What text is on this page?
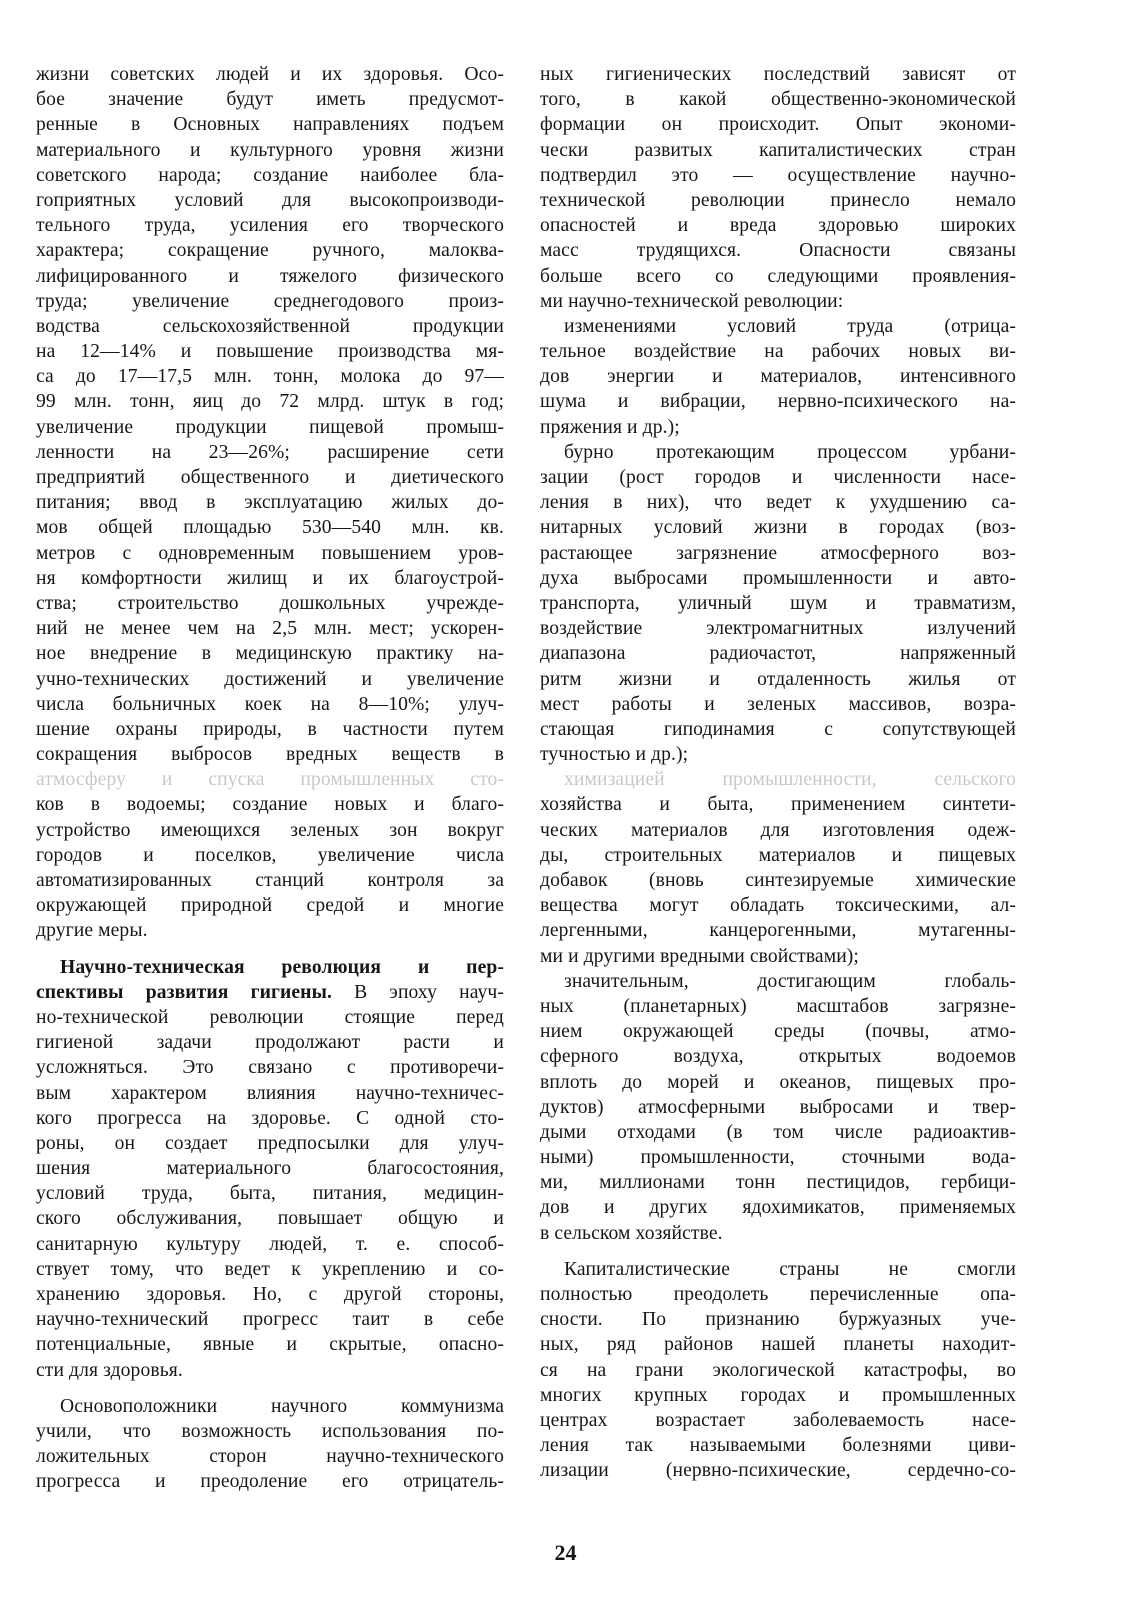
жизни советских людей и их здоровья. Осо-
бое значение будут иметь предусмот-
ренные в Основных направлениях подъем
материального и культурного уровня жизни
советского народа; создание наиболее бла-
гоприятных условий для высокопроизводи-
тельного труда, усиления его творческого
характера; сокращение ручного, малоква-
лифицированного и тяжелого физического
труда; увеличение среднегодового произ-
водства сельскохозяйственной продукции
на 12—14% и повышение производства мя-
са до 17—17,5 млн. тонн, молока до 97—
99 млн. тонн, яиц до 72 млрд. штук в год;
увеличение продукции пищевой промыш-
ленности на 23—26%; расширение сети
предприятий общественного и диетического
питания; ввод в эксплуатацию жилых до-
мов общей площадью 530—540 млн. кв.
метров с одновременным повышением уров-
ня комфортности жилищ и их благоустрой-
ства; строительство дошкольных учрежде-
ний не менее чем на 2,5 млн. мест; ускорен-
ное внедрение в медицинскую практику на-
учно-технических достижений и увеличение
числа больничных коек на 8—10%; улуч-
шение охраны природы, в частности путем
сокращения выбросов вредных веществ в
атмосферу и спуска промышленных сто-
ков в водоемы; создание новых и благо-
устройство имеющихся зеленых зон вокруг
городов и поселков, увеличение числа
автоматизированных станций контроля за
окружающей природной средой и многие
другие меры.
Научно-техническая революция и пер-
спективы развития гигиены. В эпоху науч-
но-технической революции стоящие перед
гигиеной задачи продолжают расти и
усложняться. Это связано с противоречи-
вым характером влияния научно-техничес-
кого прогресса на здоровье. С одной сто-
роны, он создает предпосылки для улуч-
шения материального благосостояния,
условий труда, быта, питания, медицин-
ского обслуживания, повышает общую и
санитарную культуру людей, т. е. способ-
ствует тому, что ведет к укреплению и со-
хранению здоровья. Но, с другой стороны,
научно-технический прогресс таит в себе
потенциальные, явные и скрытые, опасно-
сти для здоровья.
Основоположники научного коммунизма
учили, что возможность использования по-
ложительных сторон научно-технического
прогресса и преодоление его отрицатель-
ных гигиенических последствий зависят от
того, в какой общественно-экономической
формации он происходит. Опыт экономи-
чески развитых капиталистических стран
подтвердил это — осуществление научно-
технической революции принесло немало
опасностей и вреда здоровью широких
масс трудящихся. Опасности связаны
больше всего со следующими проявления-
ми научно-технической революции:
изменениями условий труда (отрица-
тельное воздействие на рабочих новых ви-
дов энергии и материалов, интенсивного
шума и вибрации, нервно-психического на-
пряжения и др.);
бурно протекающим процессом урбани-
зации (рост городов и численности насе-
ления в них), что ведет к ухудшению са-
нитарных условий жизни в городах (воз-
растающее загрязнение атмосферного воз-
духа выбросами промышленности и авто-
транспорта, уличный шум и травматизм,
воздействие электромагнитных излучений
диапазона радиочастот, напряженный
ритм жизни и отдаленность жилья от
мест работы и зеленых массивов, возра-
стающая гиподинамия с сопутствующей
тучностью и др.);
химизацией промышленности, сельского
хозяйства и быта, применением синтети-
ческих материалов для изготовления одеж-
ды, строительных материалов и пищевых
добавок (вновь синтезируемые химические
вещества могут обладать токсическими, ал-
лергенными, канцерогенными, мутагенны-
ми и другими вредными свойствами);
значительным, достигающим глобаль-
ных (планетарных) масштабов загрязне-
нием окружающей среды (почвы, атмо-
сферного воздуха, открытых водоемов
вплоть до морей и океанов, пищевых про-
дуктов) атмосферными выбросами и твер-
дыми отходами (в том числе радиоактив-
ными) промышленности, сточными вода-
ми, миллионами тонн пестицидов, гербици-
дов и других ядохимикатов, применяемых
в сельском хозяйстве.
Капиталистические страны не смогли
полностью преодолеть перечисленные опа-
сности. По признанию буржуазных уче-
ных, ряд районов нашей планеты находит-
ся на грани экологической катастрофы, во
многих крупных городах и промышленных
центрах возрастает заболеваемость насе-
ления так называемыми болезнями циви-
лизации (нервно-психические, сердечно-со-
24
